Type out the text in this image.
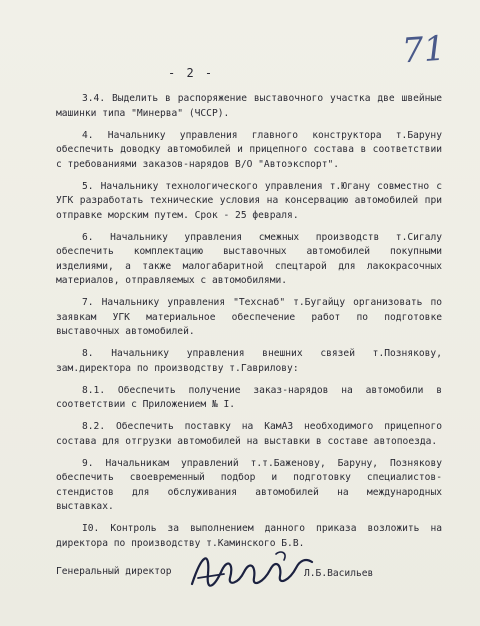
71
- 2 -

3.4. Выделить в распоряжение выставочного участка две швейные машинки типа "Минерва" (ЧССР).

4. Начальнику управления главного конструктора т.Баруну обеспечить доводку автомобилей и прицепного состава в соответствии с требованиями заказов-нарядов В/О "Автоэкспорт".

5. Начальнику технологического управления т.Югану совместно с УГК разработать технические условия на консервацию автомобилей при отправке морским путем. Срок - 25 февраля.

6. Начальнику управления смежных производств т.Сигалу обеспечить комплектацию выставочных автомобилей покупными изделиями, а также малогабаритной спецтарой для лакокрасочных материалов, отправляемых с автомобилями.

7. Начальнику управления "Техснаб" т.Бугайцу организовать по заявкам УГК материальное обеспечение работ по подготовке выставочных автомобилей.

8. Начальнику управления внешних связей т.Познякову, зам.директора по производству т.Гаврилову:

8.1. Обеспечить получение заказ-нарядов на автомобили в соответствии с Приложением № I.

8.2. Обеспечить поставку на КамАЗ необходимого прицепного состава для отгрузки автомобилей на выставки в составе автопоезда.

9. Начальникам управлений т.т.Баженову, Баруну, Познякову обеспечить своевременный подбор и подготовку специалистов-стендистов для обслуживания автомобилей на международных выставках.

I0. Контроль за выполнением данного приказа возложить на директора по производству т.Каминского Б.В.

Генеральный директор	Л.Б.Васильев
